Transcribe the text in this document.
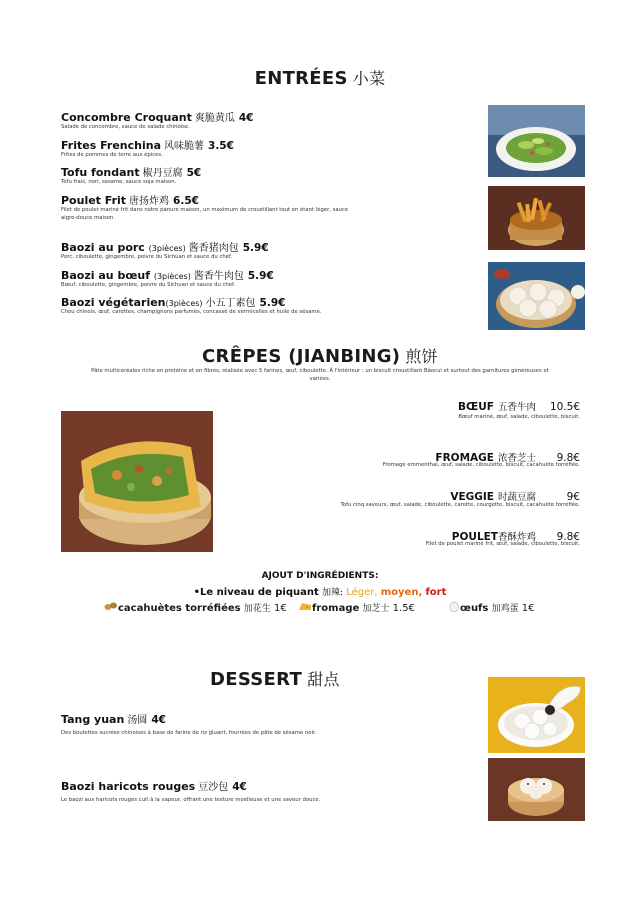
ENTRÉES 小菜
Concombre Croquant 爽脆黄瓜 4€
Salade de concombre, sauce de salade chinoise.
Frites Frenchina 风味脆薯 3.5€
Frites de pommes de terre aux épices.
Tofu fondant 椒丹豆腐 5€
Tofu frais, nori, sesame, sauce soja maison.
Poulet Frit 唐扬炸鸡 6.5€
Filet de poulet mariné frit dans notre panure maison, un maximum de croustillant tout en étant léger, sauce
aigre-douce maison.
Baozi au porc (3pièces) 酱香猪肉包 5.9€
Porc, ciboulette, gingembre, poivre du Sichuan et sauce du chef.
Baozi au bœuf (3pièces) 酱香牛肉包 5.9€
Bœuf, ciboulette, gingembre, poivre du Sichuan et sauce du chef.
Baozi végétarien(3pièces) 小五丁素包 5.9€
Chou chinois, œuf, carottes, champignons parfumés, concassé de vermicelles et huile de sésame.
CRÊPES (JIANBING) 煎饼
Pâte multicéréales riche en protéine et en fibres, réalisée avec 5 farines, œuf, ciboulette. À l'intérieur : un biscuit croustillant Báocuì et surtout des garnitures généreuses et
variées.
BŒUF 五香牛肉 10.5€
Bœuf mariné, œuf, salade, ciboulette, biscuit.
FROMAGE 浓香芝士 9.8€
Fromage emmenthal, œuf, salade, ciboulette, biscuit, cacahuète torréfiée.
VEGGIE 时蔬豆腐	9€
Tofu cinq saveurs, œuf, salade, ciboulette, carotte, courgette, biscuit, cacahuète torréfiée.
POULET香酥炸鸡 9.8€
Filet de poulet mariné frit, œuf, salade, ciboulette, biscuit.
AJOUT D'INGRÉDIENTS:
•Le niveau de piquant 加辣: Léger, moyen, fort
cacahuètes torréfiées 加花生 1€	fromage 加芝士 1.5€	œufs 加鸡蛋 1€
DESSERT 甜点
Tang yuan 汤圆 4€
Des boulettes sucrées chinoises à base de farine de riz gluant, fourrées de pâte de sésame noir.
Baozi haricots rouges 豆沙包 4€
Le baozi aux haricots rouges cuit à la vapeur, offrant une texture moelleuse et une saveur douce.
